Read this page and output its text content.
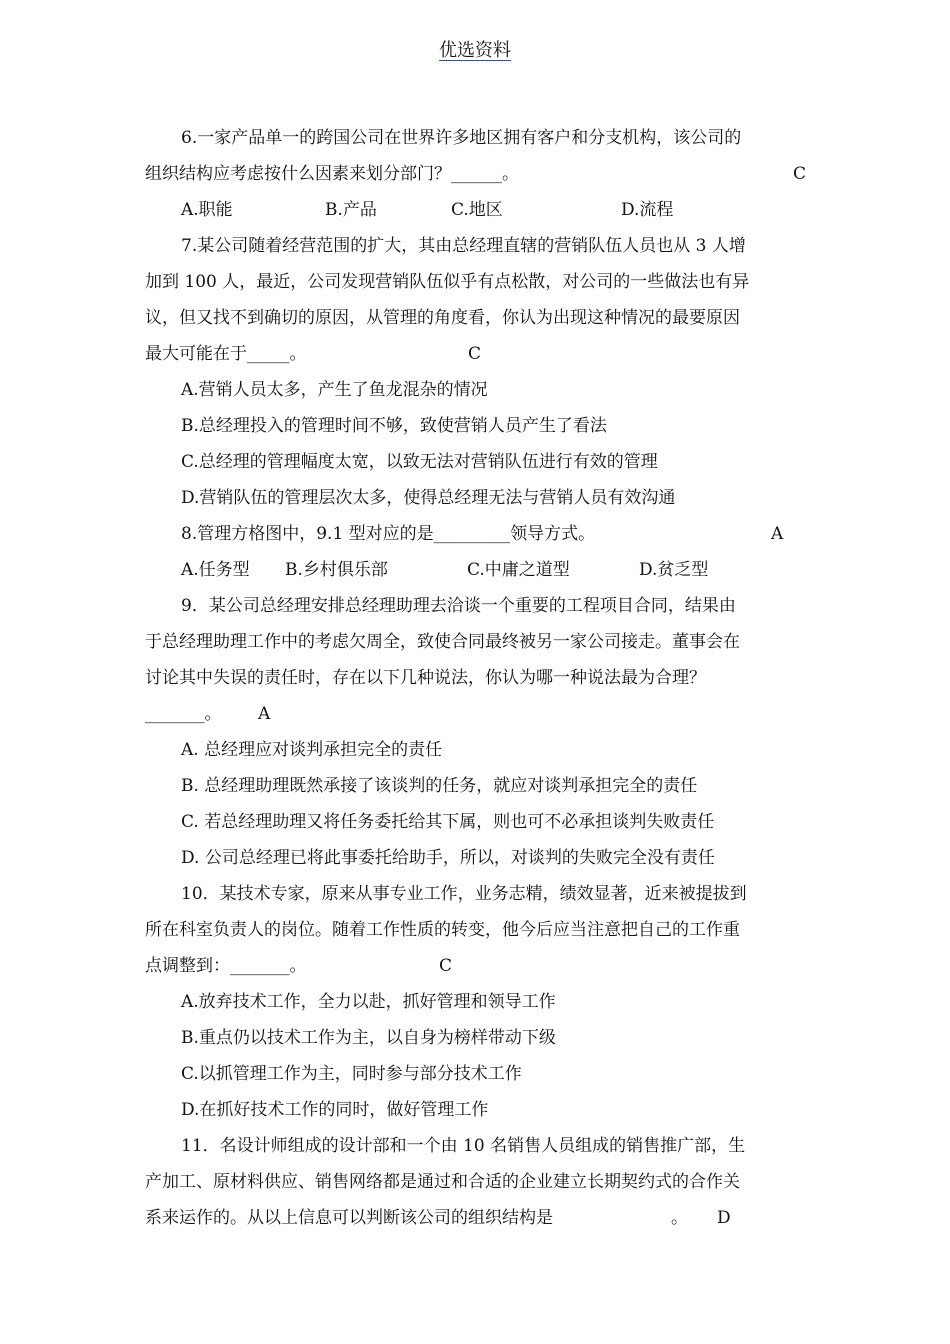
优选资料
6.一家产品单一的跨国公司在世界许多地区拥有客户和分支机构，该公司的
组织结构应考虑按什么因素来划分部门？______。	C
A.职能	B.产品	C.地区	D.流程
7.某公司随着经营范围的扩大，其由总经理直辖的营销队伍人员也从 3 人增
加到 100 人，最近，公司发现营销队伍似乎有点松散，对公司的一些做法也有异
议，但又找不到确切的原因，从管理的角度看，你认为出现这种情况的最要原因
最大可能在于_____。	C
A.营销人员太多，产生了鱼龙混杂的情况
B.总经理投入的管理时间不够，致使营销人员产生了看法
C.总经理的管理幅度太宽，以致无法对营销队伍进行有效的管理
D.营销队伍的管理层次太多，使得总经理无法与营销人员有效沟通
8.管理方格图中，9.1 型对应的是_________领导方式。	A
A.任务型 B.乡村俱乐部	C.中庸之道型	D.贫乏型
9．某公司总经理安排总经理助理去洽谈一个重要的工程项目合同，结果由
于总经理助理工作中的考虑欠周全，致使合同最终被另一家公司接走。董事会在
讨论其中失误的责任时，存在以下几种说法，你认为哪一种说法最为合理？
_______。 A
A. 总经理应对谈判承担完全的责任
B. 总经理助理既然承接了该谈判的任务，就应对谈判承担完全的责任
C. 若总经理助理又将任务委托给其下属，则也可不必承担谈判失败责任
D. 公司总经理已将此事委托给助手，所以，对谈判的失败完全没有责任
10．某技术专家，原来从事专业工作，业务志精，绩效显著，近来被提拔到
所在科室负责人的岗位。随着工作性质的转变，他今后应当注意把自己的工作重
点调整到：_______。	C
A.放弃技术工作，全力以赴，抓好管理和领导工作
B.重点仍以技术工作为主，以自身为榜样带动下级
C.以抓管理工作为主，同时参与部分技术工作
D.在抓好技术工作的同时，做好管理工作
11．名设计师组成的设计部和一个由 10 名销售人员组成的销售推广部，生
产加工、原材料供应、销售网络都是通过和合适的企业建立长期契约式的合作关
系来运作的。从以上信息可以判断该公司的组织结构是	。 D
